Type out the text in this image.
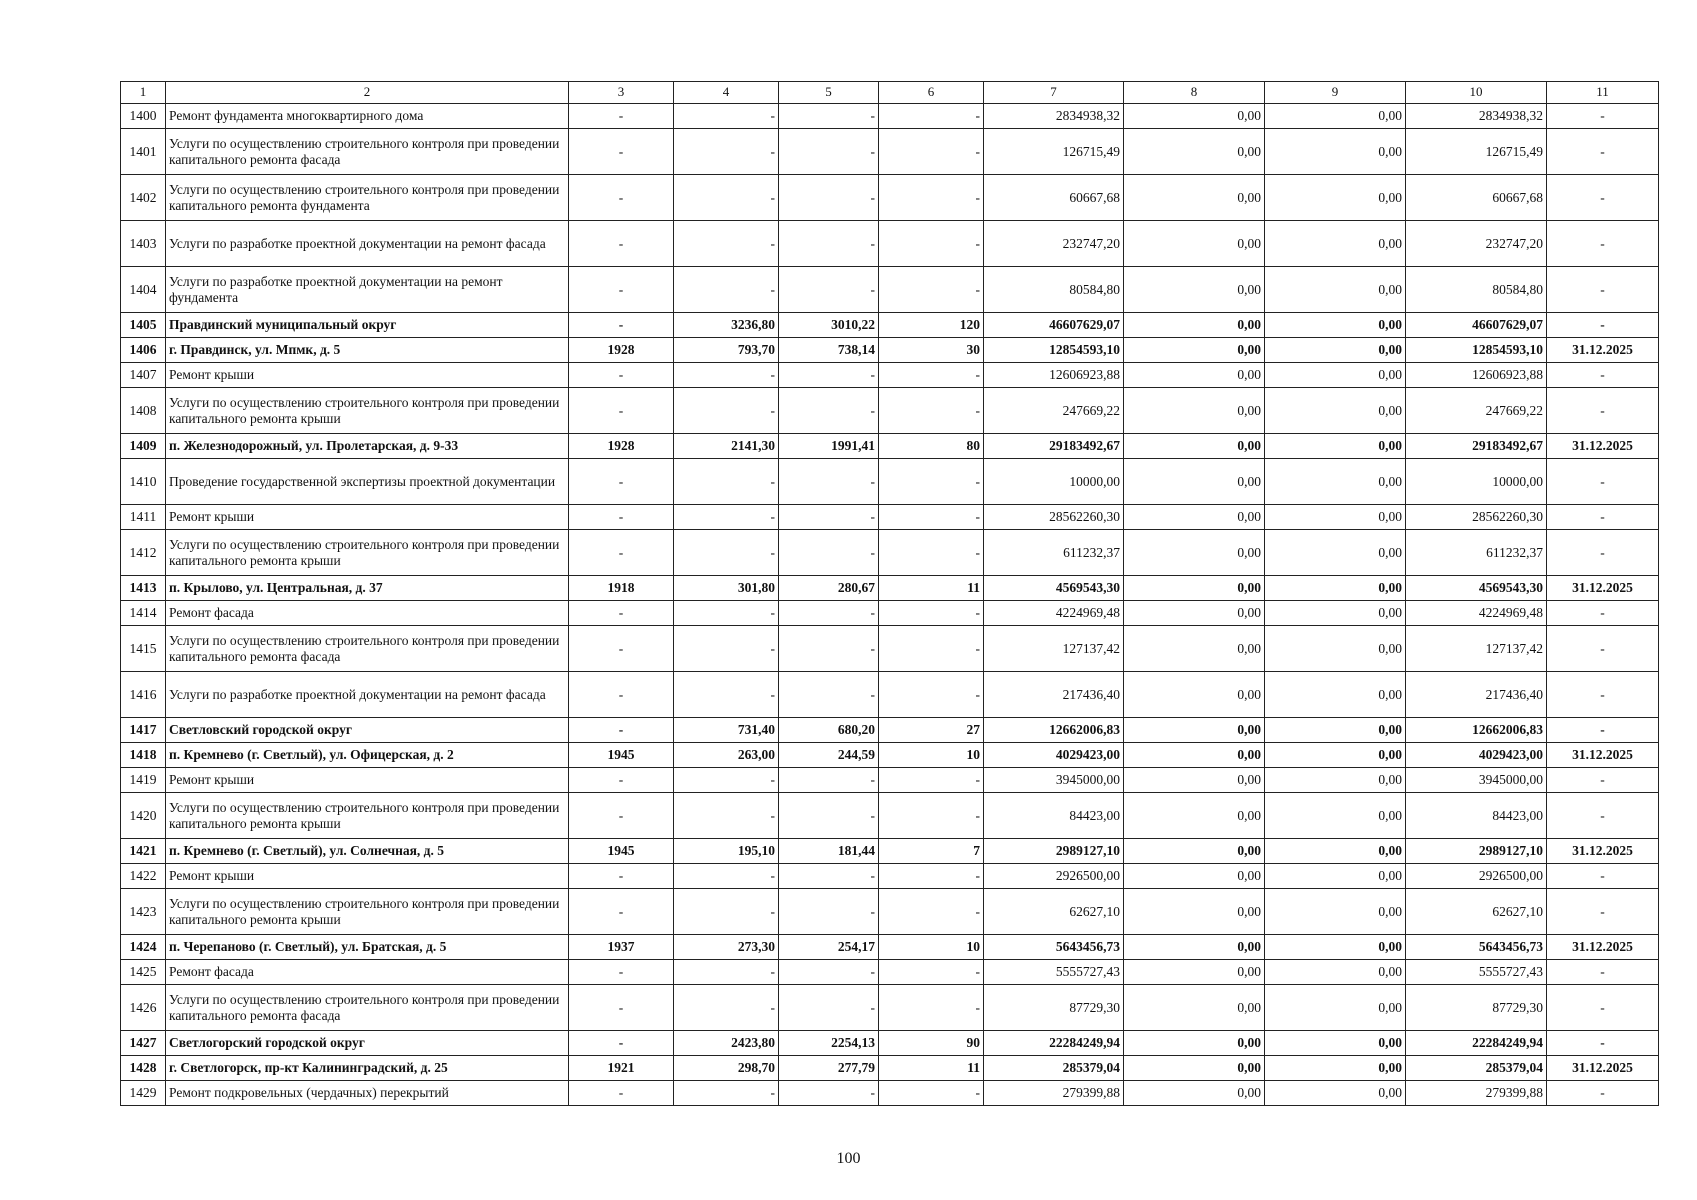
1	2	3	4	5	6	7	8	9	10	11
1400	Ремонт фундамента многоквартирного дома	-	-	-	-	2834938,32	0,00	0,00	2834938,32	-
1401	Услуги по осуществлению строительного контроля при проведении капитального ремонта фасада	-	-	-	-	126715,49	0,00	0,00	126715,49	-
1402	Услуги по осуществлению строительного контроля при проведении капитального ремонта фундамента	-	-	-	-	60667,68	0,00	0,00	60667,68	-
1403	Услуги по разработке проектной документации на ремонт фасада	-	-	-	-	232747,20	0,00	0,00	232747,20	-
1404	Услуги по разработке проектной документации на ремонт фундамента	-	-	-	-	80584,80	0,00	0,00	80584,80	-
1405	Правдинский муниципальный округ	-	3236,80	3010,22	120	46607629,07	0,00	0,00	46607629,07	-
1406	г. Правдинск, ул. Мпмк, д. 5	1928	793,70	738,14	30	12854593,10	0,00	0,00	12854593,10	31.12.2025
1407	Ремонт крыши	-	-	-	-	12606923,88	0,00	0,00	12606923,88	-
1408	Услуги по осуществлению строительного контроля при проведении капитального ремонта крыши	-	-	-	-	247669,22	0,00	0,00	247669,22	-
1409	п. Железнодорожный, ул. Пролетарская, д. 9-33	1928	2141,30	1991,41	80	29183492,67	0,00	0,00	29183492,67	31.12.2025
1410	Проведение государственной экспертизы проектной документации	-	-	-	-	10000,00	0,00	0,00	10000,00	-
1411	Ремонт крыши	-	-	-	-	28562260,30	0,00	0,00	28562260,30	-
1412	Услуги по осуществлению строительного контроля при проведении капитального ремонта крыши	-	-	-	-	611232,37	0,00	0,00	611232,37	-
1413	п. Крылово, ул. Центральная, д. 37	1918	301,80	280,67	11	4569543,30	0,00	0,00	4569543,30	31.12.2025
1414	Ремонт фасада	-	-	-	-	4224969,48	0,00	0,00	4224969,48	-
1415	Услуги по осуществлению строительного контроля при проведении капитального ремонта фасада	-	-	-	-	127137,42	0,00	0,00	127137,42	-
1416	Услуги по разработке проектной документации на ремонт фасада	-	-	-	-	217436,40	0,00	0,00	217436,40	-
1417	Светловский городской округ	-	731,40	680,20	27	12662006,83	0,00	0,00	12662006,83	-
1418	п. Кремнево (г. Светлый), ул. Офицерская, д. 2	1945	263,00	244,59	10	4029423,00	0,00	0,00	4029423,00	31.12.2025
1419	Ремонт крыши	-	-	-	-	3945000,00	0,00	0,00	3945000,00	-
1420	Услуги по осуществлению строительного контроля при проведении капитального ремонта крыши	-	-	-	-	84423,00	0,00	0,00	84423,00	-
1421	п. Кремнево (г. Светлый), ул. Солнечная, д. 5	1945	195,10	181,44	7	2989127,10	0,00	0,00	2989127,10	31.12.2025
1422	Ремонт крыши	-	-	-	-	2926500,00	0,00	0,00	2926500,00	-
1423	Услуги по осуществлению строительного контроля при проведении капитального ремонта крыши	-	-	-	-	62627,10	0,00	0,00	62627,10	-
1424	п. Черепаново (г. Светлый), ул. Братская, д. 5	1937	273,30	254,17	10	5643456,73	0,00	0,00	5643456,73	31.12.2025
1425	Ремонт фасада	-	-	-	-	5555727,43	0,00	0,00	5555727,43	-
1426	Услуги по осуществлению строительного контроля при проведении капитального ремонта фасада	-	-	-	-	87729,30	0,00	0,00	87729,30	-
1427	Светлогорский городской округ	-	2423,80	2254,13	90	22284249,94	0,00	0,00	22284249,94	-
1428	г. Светлогорск, пр-кт Калининградский, д. 25	1921	298,70	277,79	11	285379,04	0,00	0,00	285379,04	31.12.2025
1429	Ремонт подкровельных (чердачных) перекрытий	-	-	-	-	279399,88	0,00	0,00	279399,88	-
100
